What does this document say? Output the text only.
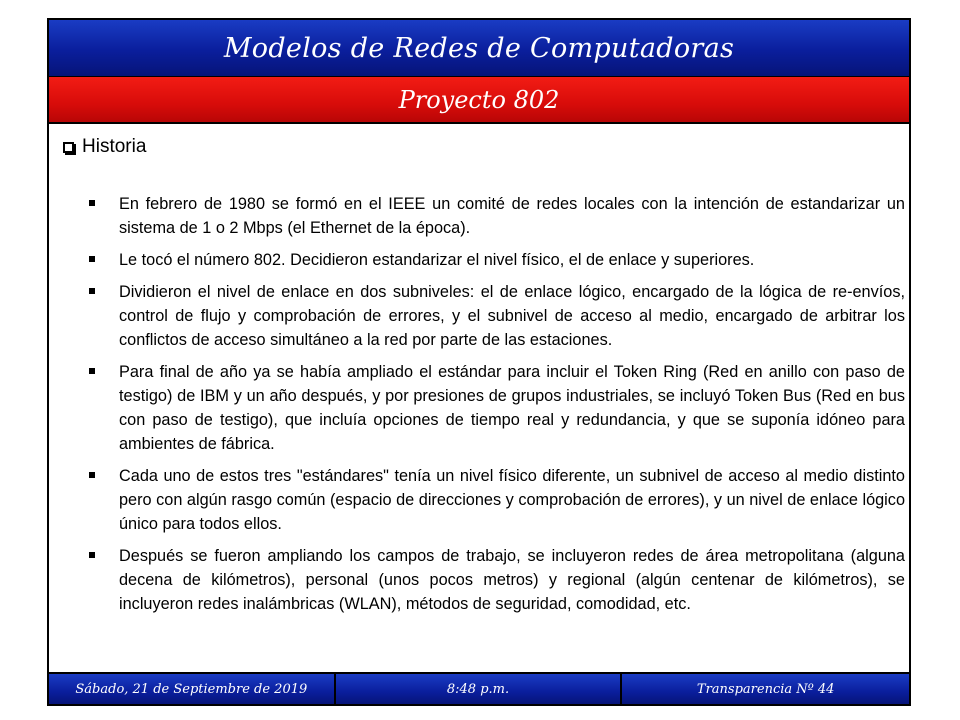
Modelos de Redes de Computadoras
Proyecto 802
Historia
En febrero de 1980 se formó en el IEEE un comité de redes locales con la intención de estandarizar un sistema de 1 o 2 Mbps (el Ethernet de la época).
Le tocó el número 802. Decidieron estandarizar el nivel físico, el de enlace y superiores.
Dividieron el nivel de enlace en dos subniveles: el de enlace lógico, encargado de la lógica de re-envíos, control de flujo y comprobación de errores, y el subnivel de acceso al medio, encargado de arbitrar los conflictos de acceso simultáneo a la red por parte de las estaciones.
Para final de año ya se había ampliado el estándar para incluir el Token Ring (Red en anillo con paso de testigo) de IBM y un año después, y por presiones de grupos industriales, se incluyó Token Bus (Red en bus con paso de testigo), que incluía opciones de tiempo real y redundancia, y que se suponía idóneo para ambientes de fábrica.
Cada uno de estos tres "estándares" tenía un nivel físico diferente, un subnivel de acceso al medio distinto pero con algún rasgo común (espacio de direcciones y comprobación de errores), y un nivel de enlace lógico único para todos ellos.
Después se fueron ampliando los campos de trabajo, se incluyeron redes de área metropolitana (alguna decena de kilómetros), personal (unos pocos metros) y regional (algún centenar de kilómetros), se incluyeron redes inalámbricas (WLAN), métodos de seguridad, comodidad, etc.
Sábado, 21 de Septiembre de 2019	8:48 p.m.	Transparencia Nº 44
